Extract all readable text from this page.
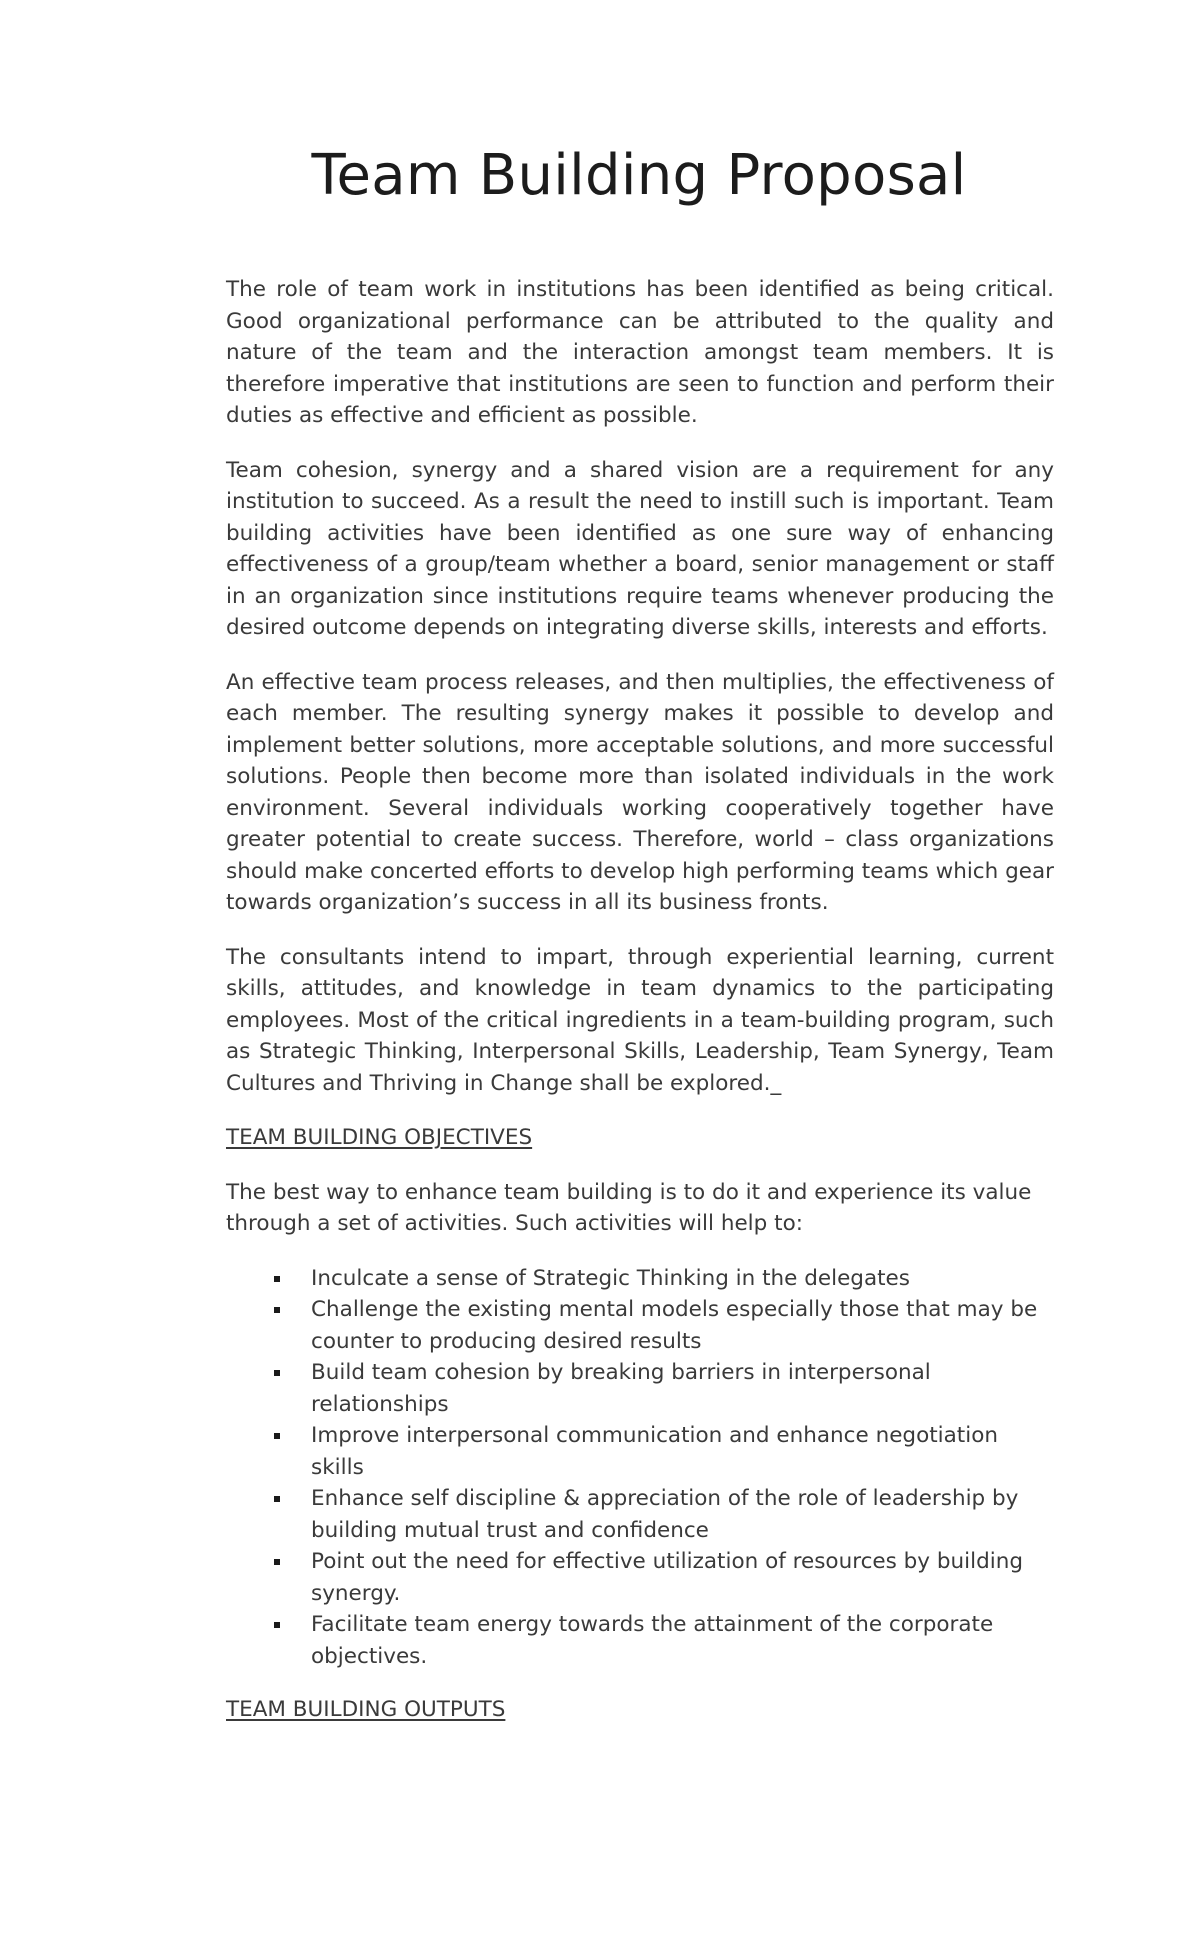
Team Building Proposal

The role of team work in institutions has been identified as being critical. Good organizational performance can be attributed to the quality and nature of the team and the interaction amongst team members. It is therefore imperative that institutions are seen to function and perform their duties as effective and efficient as possible.

Team cohesion, synergy and a shared vision are a requirement for any institution to succeed. As a result the need to instill such is important. Team building activities have been identified as one sure way of enhancing effectiveness of a group/team whether a board, senior management or staff in an organization since institutions require teams whenever producing the desired outcome depends on integrating diverse skills, interests and efforts.

An effective team process releases, and then multiplies, the effectiveness of each member. The resulting synergy makes it possible to develop and implement better solutions, more acceptable solutions, and more successful solutions. People then become more than isolated individuals in the work environment. Several individuals working cooperatively together have greater potential to create success. Therefore, world – class organizations should make concerted efforts to develop high performing teams which gear towards organization’s success in all its business fronts.

The consultants intend to impart, through experiential learning, current skills, attitudes, and knowledge in team dynamics to the participating employees. Most of the critical ingredients in a team-building program, such as Strategic Thinking, Interpersonal Skills, Leadership, Team Synergy, Team Cultures and Thriving in Change shall be explored._

TEAM BUILDING OBJECTIVES

The best way to enhance team building is to do it and experience its value through a set of activities. Such activities will help to:

Inculcate a sense of Strategic Thinking in the delegates
Challenge the existing mental models especially those that may be counter to producing desired results
Build team cohesion by breaking barriers in interpersonal relationships
Improve interpersonal communication and enhance negotiation skills
Enhance self discipline & appreciation of the role of leadership by building mutual trust and confidence
Point out the need for effective utilization of resources by building synergy.
Facilitate team energy towards the attainment of the corporate objectives.
TEAM BUILDING OUTPUTS
